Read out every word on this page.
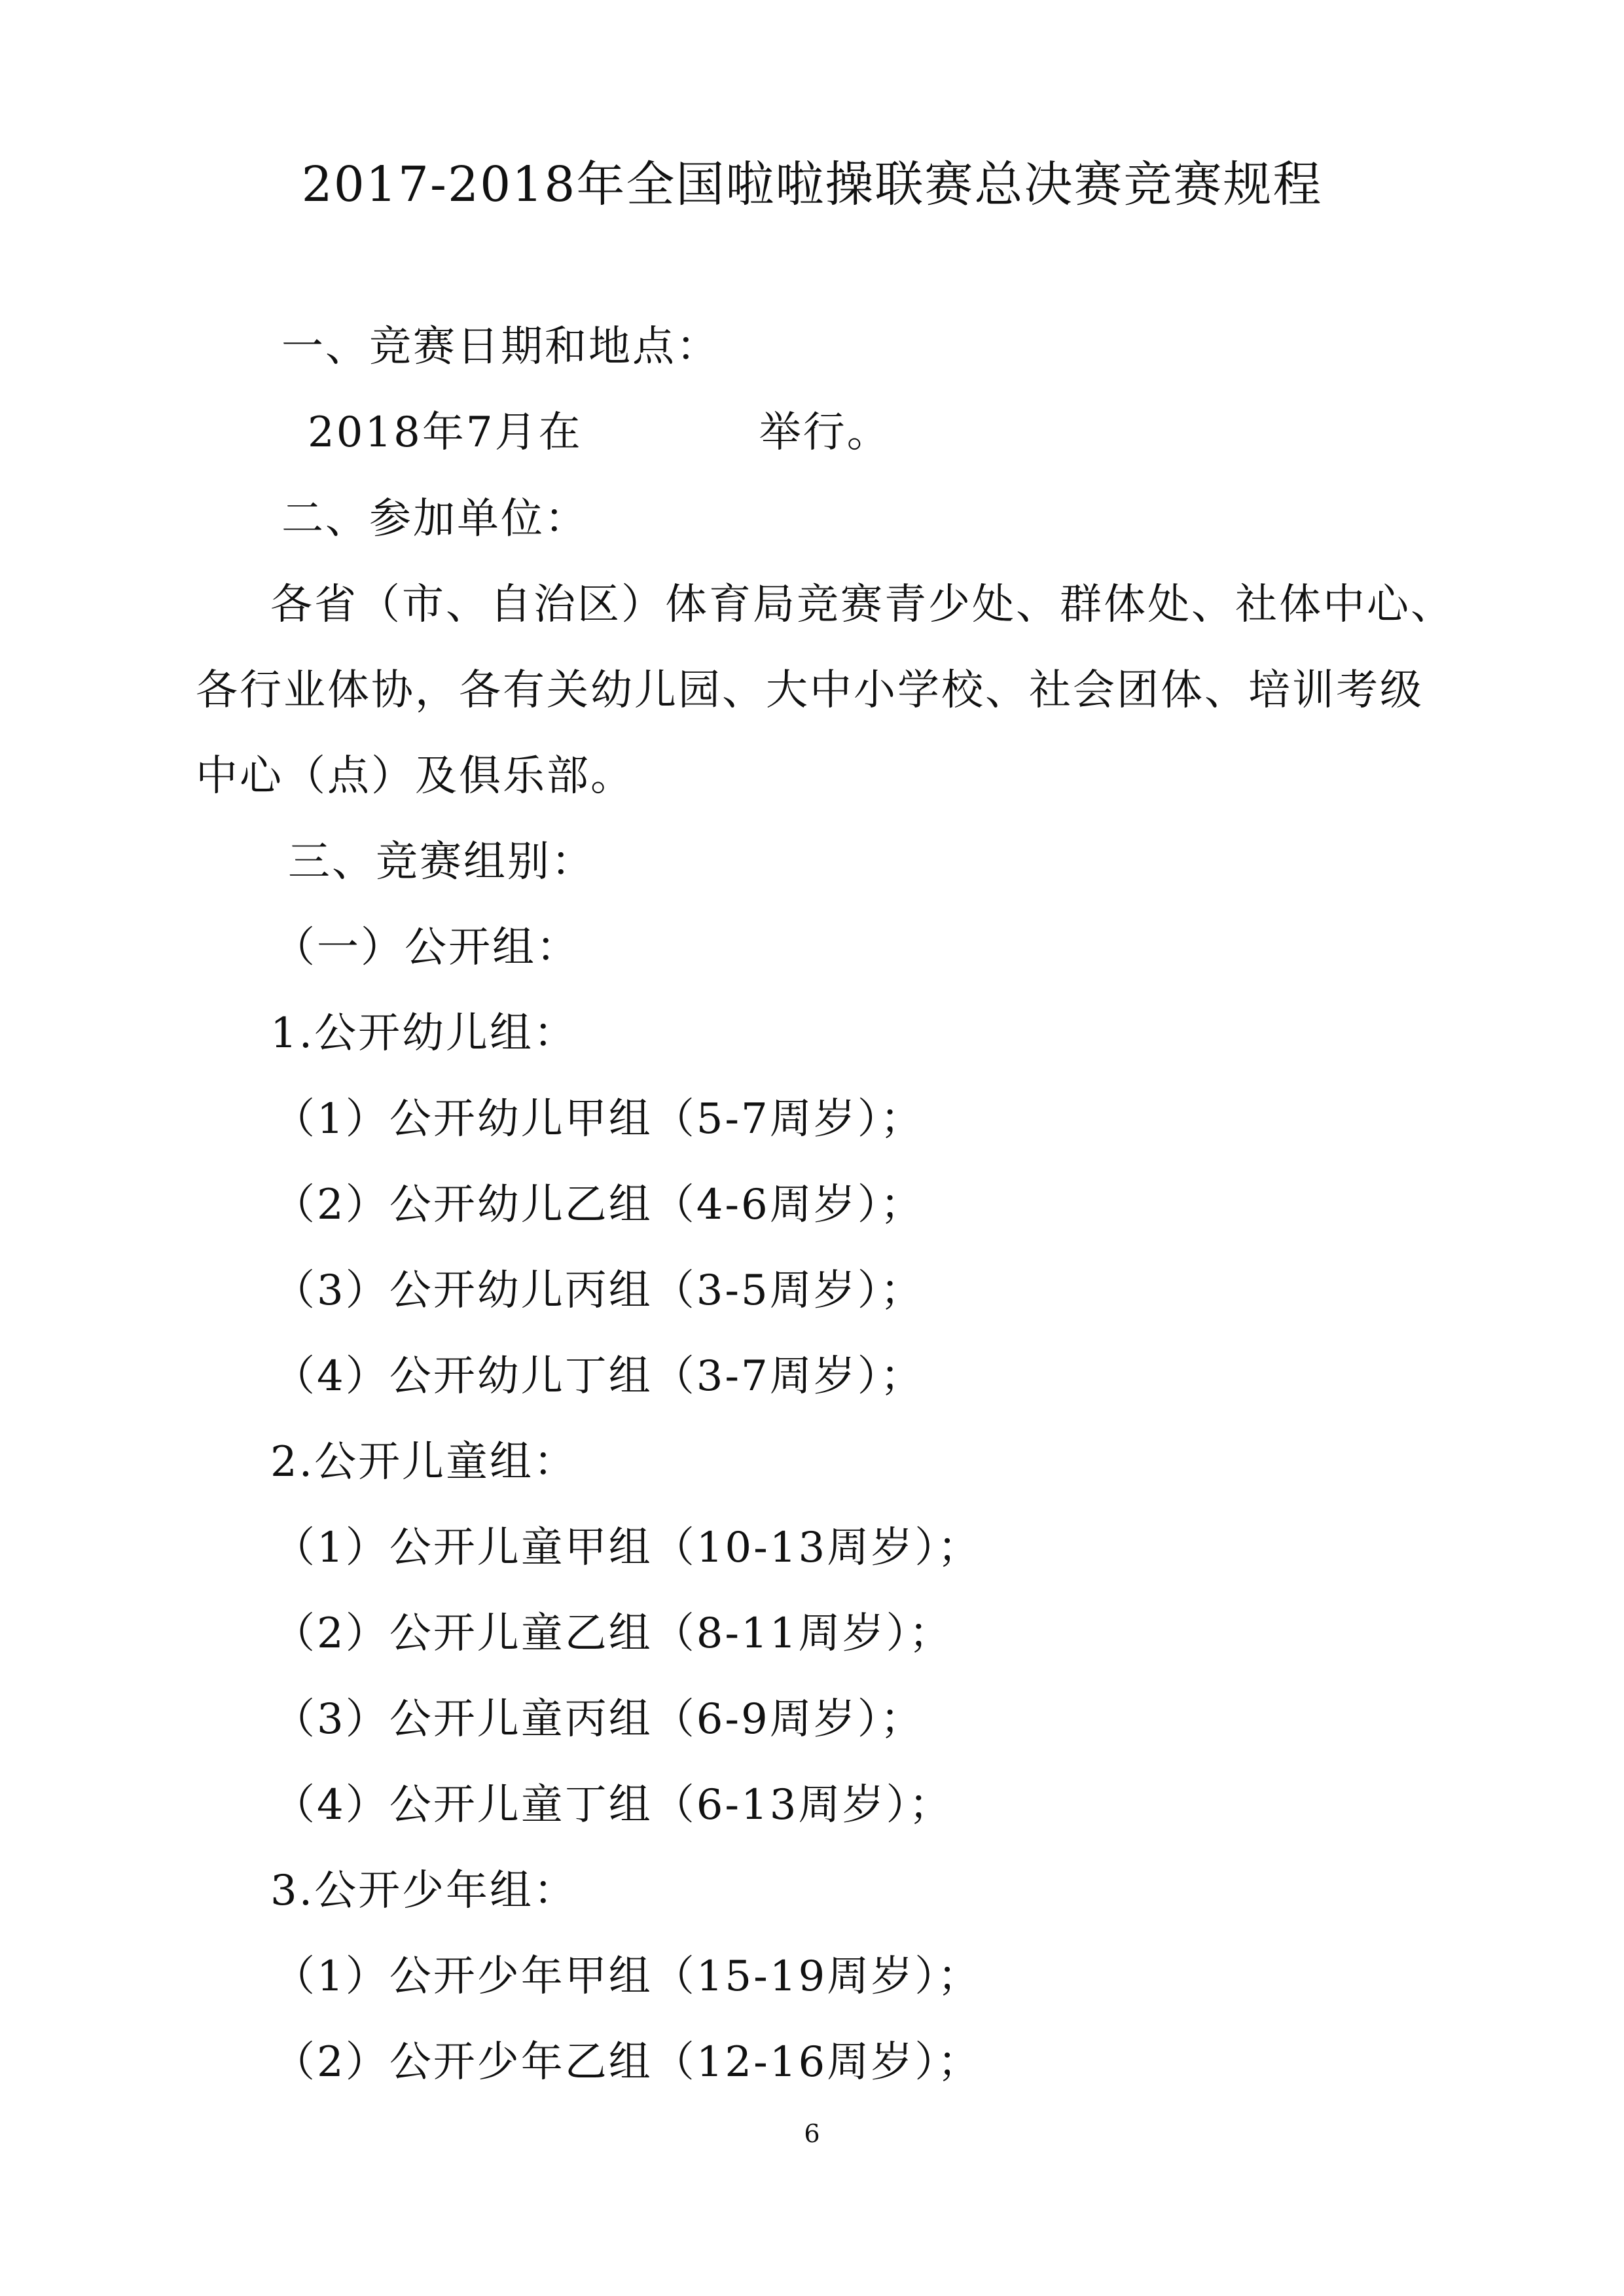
2017-2018年全国啦啦操联赛总决赛竞赛规程
一、竞赛日期和地点：
2018年7月在	举行。
二、参加单位：
各省（市、自治区）体育局竞赛青少处、群体处、社体中心、
各行业体协，各有关幼儿园、大中小学校、社会团体、培训考级
中心（点）及俱乐部。
三、竞赛组别：
（一）公开组：
1.公开幼儿组：
（1）公开幼儿甲组（5-7周岁）；
（2）公开幼儿乙组（4-6周岁）；
（3）公开幼儿丙组（3-5周岁）；
（4）公开幼儿丁组（3-7周岁）；
2.公开儿童组：
（1）公开儿童甲组（10-13周岁）；
（2）公开儿童乙组（8-11周岁）；
（3）公开儿童丙组（6-9周岁）；
（4）公开儿童丁组（6-13周岁）；
3.公开少年组：
（1）公开少年甲组（15-19周岁）；
（2）公开少年乙组（12-16周岁）；
6
